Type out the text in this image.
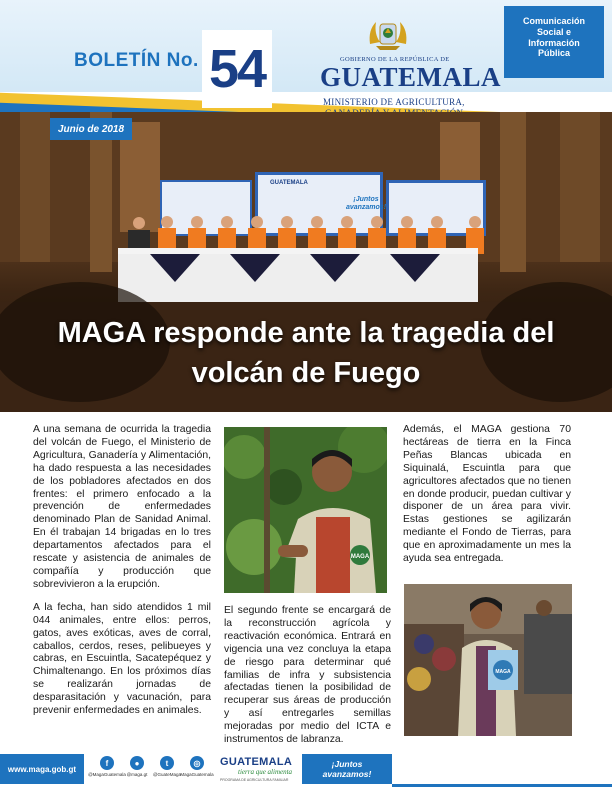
BOLETÍN No. 54	GOBIERNO DE LA REPÚBLICA DE
GUATEMALA
MINISTERIO DE AGRICULTURA,
Comunicación
Social e
Información
Pública
¡Juntos
avanzamos!
GUATEMALA
MAGA responde ante la tragedia del
volcán de Fuego
Junio de 2018

A una semana de ocurrida la tragedia del volcán de Fuego, el Ministerio de Agricultura, Ganadería y Alimentación, ha dado respuesta a las necesidades de los pobladores afectados en dos frentes: el primero enfocado a la prevención de enfermedades denominado Plan de Sanidad Animal. En él trabajan 14 brigadas en lo tres departamentos afectados para el rescate y asistencia de animales de compañía y producción que sobrevivieron a la erupción.

A la fecha, han sido atendidos 1 mil 044 animales, entre ellos: perros, gatos, aves exóticas, aves de corral, caballos, cerdos, reses, pelibueyes y cabras, en Escuintla, Sacatepéquez y Chimaltenango. En los próximos días se realizarán jornadas de desparasitación y vacunación, para prevenir enfermedades en animales.

MAGA

El segundo frente se encargará de la reconstrucción agrícola y reactivación económica. Entrará en vigencia una vez concluya la etapa de riesgo para determinar qué familias de infra y subsistencia afectadas tienen la posibilidad de recuperar sus áreas de producción y así entregarles semillas mejoradas por medio del ICTA e instrumentos de labranza.

Además, el MAGA gestiona 70 hectáreas de tierra en la Finca Peñas Blancas ubicada en Siquinalá, Escuintla para que agricultores afectados que no tienen en donde producir, puedan cultivar y disponer de un área para vivir. Estas gestiones se agilizarán mediante el Fondo de Tierras, para que en aproximadamente un mes la ayuda sea entregada.

MAGA
www.maga.gob.gt
f
@MagaGuatemala
●
@maga.gt
t
@GuateMaga
◎
MagaGuatemala
GUATEMALA
tierra que alimenta
PROGRAMA DE AGRICULTURA FAMILIAR
¡Juntos
avanzamos!
